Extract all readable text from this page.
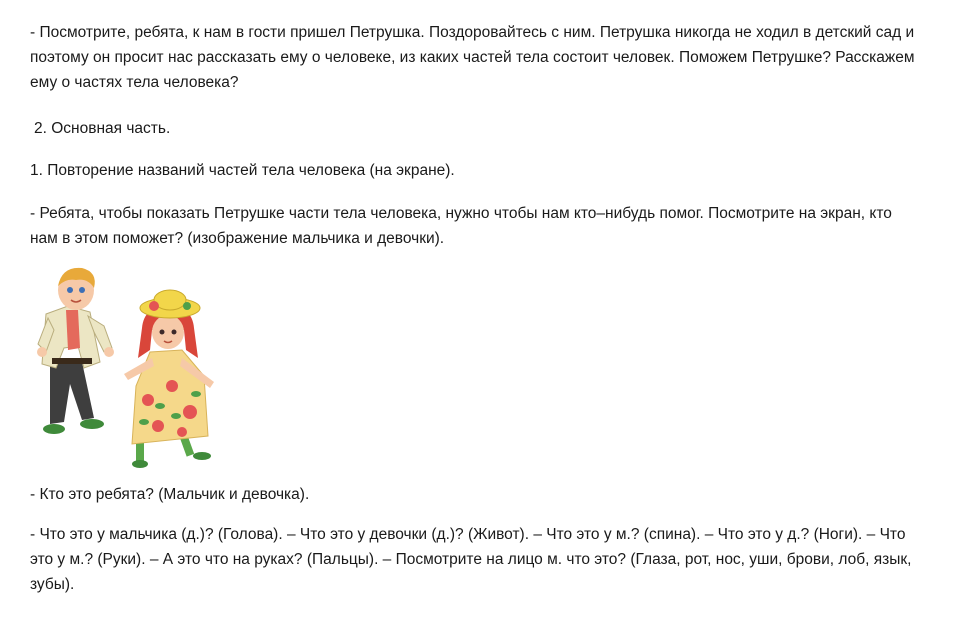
- Посмотрите, ребята, к нам в гости пришел Петрушка. Поздоровайтесь с ним. Петрушка никогда не ходил в детский сад и поэтому он просит нас рассказать ему о человеке, из каких частей тела состоит человек. Поможем Петрушке? Расскажем ему о частях тела человека?

2. Основная часть.

1. Повторение названий частей тела человека (на экране).

- Ребята, чтобы показать Петрушке части тела человека, нужно чтобы нам кто–нибудь помог. Посмотрите на экран, кто нам в этом поможет? (изображение мальчика и девочки).

- Кто это ребята? (Мальчик и девочка).

- Что это у мальчика (д.)? (Голова). – Что это у девочки (д.)? (Живот). – Что это у м.? (спина). – Что это у д.? (Ноги). – Что это у м.? (Руки). – А это что на руках? (Пальцы). – Посмотрите на лицо м. что это? (Глаза, рот, нос, уши, брови, лоб, язык, зубы).
